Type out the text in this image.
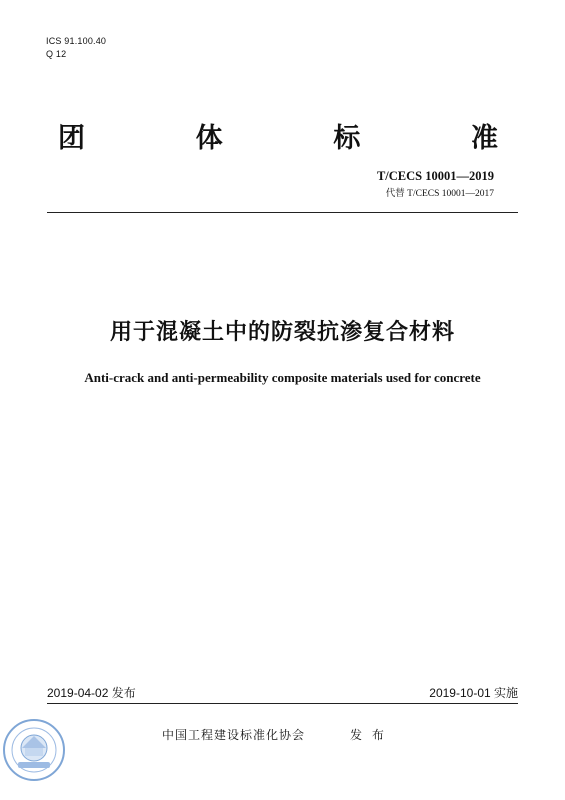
ICS 91.100.40
Q 12
团	体	标	准
T/CECS 10001—2019
代替 T/CECS 10001—2017
用于混凝土中的防裂抗渗复合材料
Anti-crack and anti-permeability composite materials used for concrete
2019-04-02 发布	2019-10-01 实施
中国工程建设标准化协会	发 布
